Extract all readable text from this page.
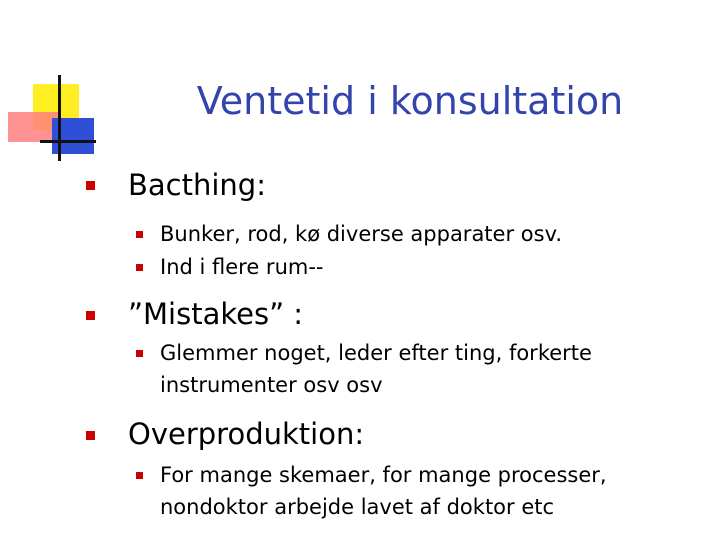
Ventetid i konsultation
Bacthing:
Bunker, rod, kø diverse apparater osv.
Ind i flere rum--
”Mistakes” :
Glemmer noget, leder efter ting, forkerte
instrumenter osv osv
Overproduktion:
For mange skemaer, for mange processer,
nondoktor arbejde lavet af doktor etc
